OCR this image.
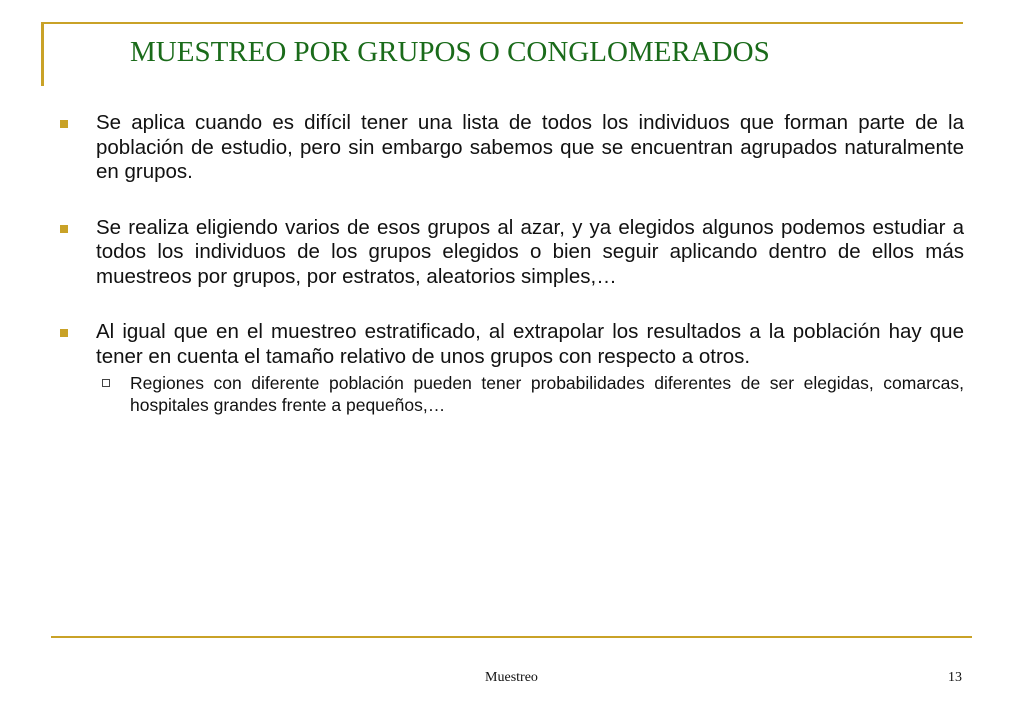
MUESTREO POR GRUPOS O CONGLOMERADOS
Se aplica cuando es difícil tener una lista de todos los individuos que forman parte de la población de estudio, pero sin embargo sabemos que se encuentran agrupados naturalmente en grupos.
Se realiza eligiendo varios de esos grupos al azar, y ya elegidos algunos podemos estudiar a todos los individuos de los grupos elegidos o bien seguir aplicando dentro de ellos más muestreos por grupos, por estratos, aleatorios simples,…
Al igual que en el muestreo estratificado, al extrapolar los resultados a la población hay que tener en cuenta el tamaño relativo de unos grupos con respecto a otros.
Regiones con diferente población pueden tener probabilidades diferentes de ser elegidas, comarcas, hospitales grandes frente a pequeños,…
Muestreo	13
